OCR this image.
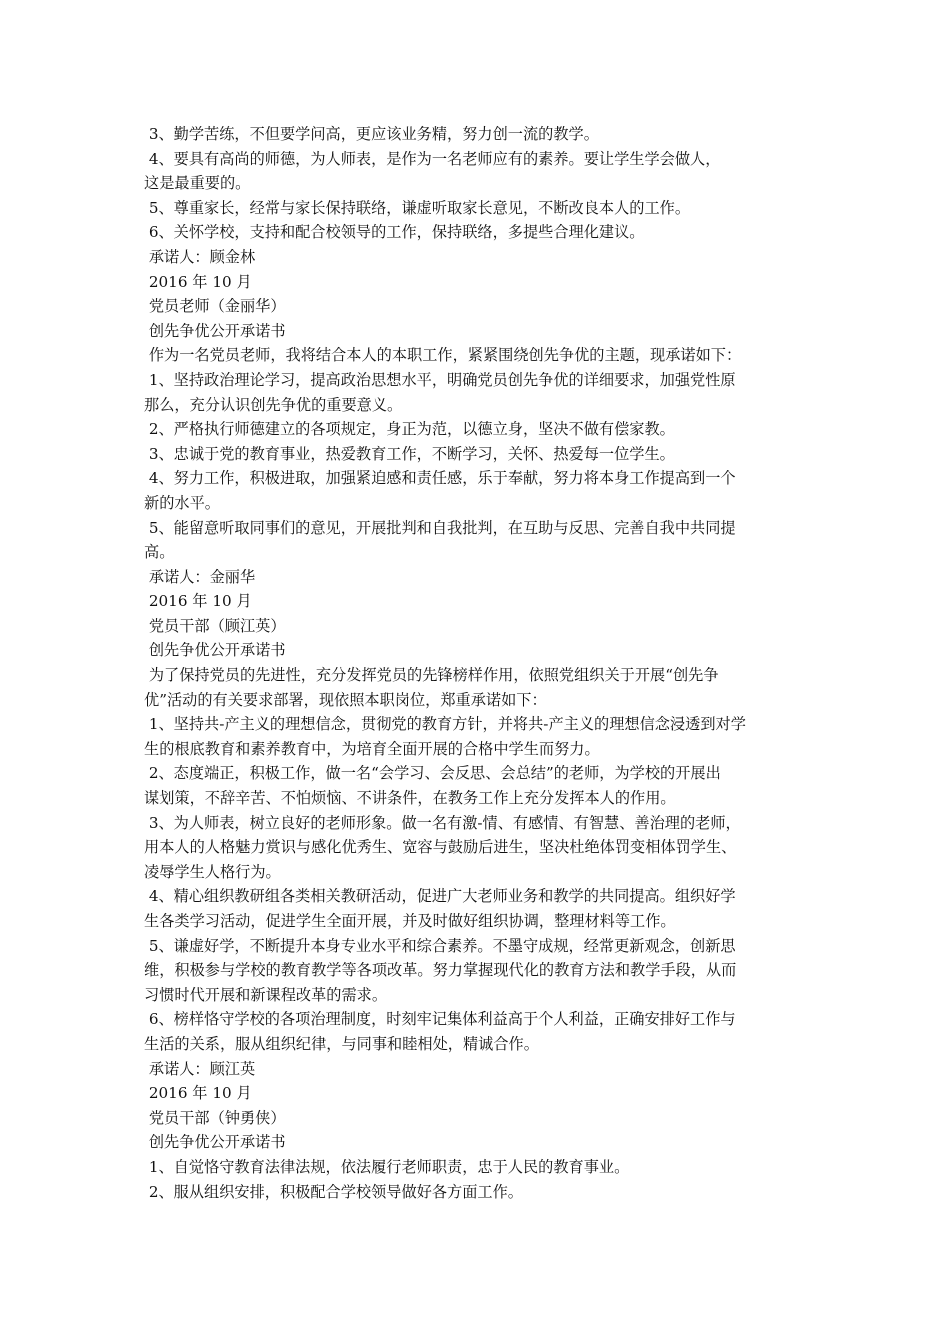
3、勤学苦练，不但要学问高，更应该业务精，努力创一流的教学。
4、要具有高尚的师德，为人师表，是作为一名老师应有的素养。要让学生学会做人，
这是最重要的。
5、尊重家长，经常与家长保持联络，谦虚听取家长意见，不断改良本人的工作。
6、关怀学校，支持和配合校领导的工作，保持联络，多提些合理化建议。
承诺人：顾金林
2016 年 10 月
党员老师（金丽华）
创先争优公开承诺书
作为一名党员老师，我将结合本人的本职工作，紧紧围绕创先争优的主题，现承诺如下：
1、坚持政治理论学习，提高政治思想水平，明确党员创先争优的详细要求，加强党性原
那么，充分认识创先争优的重要意义。
2、严格执行师德建立的各项规定，身正为范，以德立身，坚决不做有偿家教。
3、忠诚于党的教育事业，热爱教育工作，不断学习，关怀、热爱每一位学生。
4、努力工作，积极进取，加强紧迫感和责任感，乐于奉献，努力将本身工作提高到一个
新的水平。
5、能留意听取同事们的意见，开展批判和自我批判，在互助与反思、完善自我中共同提
高。
承诺人：金丽华
2016 年 10 月
党员干部（顾江英）
创先争优公开承诺书
为了保持党员的先进性，充分发挥党员的先锋榜样作用，依照党组织关于开展“创先争
优”活动的有关要求部署，现依照本职岗位，郑重承诺如下：
1、坚持共-产主义的理想信念，贯彻党的教育方针，并将共-产主义的理想信念浸透到对学
生的根底教育和素养教育中，为培育全面开展的合格中学生而努力。
2、态度端正，积极工作，做一名“会学习、会反思、会总结”的老师，为学校的开展出
谋划策，不辞辛苦、不怕烦恼、不讲条件，在教务工作上充分发挥本人的作用。
3、为人师表，树立良好的老师形象。做一名有激-情、有感情、有智慧、善治理的老师，
用本人的人格魅力赏识与感化优秀生、宽容与鼓励后进生，坚决杜绝体罚变相体罚学生、
凌辱学生人格行为。
4、精心组织教研组各类相关教研活动，促进广大老师业务和教学的共同提高。组织好学
生各类学习活动，促进学生全面开展，并及时做好组织协调，整理材料等工作。
5、谦虚好学，不断提升本身专业水平和综合素养。不墨守成规，经常更新观念，创新思
维，积极参与学校的教育教学等各项改革。努力掌握现代化的教育方法和教学手段，从而
习惯时代开展和新课程改革的需求。
6、榜样恪守学校的各项治理制度，时刻牢记集体利益高于个人利益，正确安排好工作与
生活的关系，服从组织纪律，与同事和睦相处，精诚合作。
承诺人：顾江英
2016 年 10 月
党员干部（钟勇侠）
创先争优公开承诺书
1、自觉恪守教育法律法规，依法履行老师职责，忠于人民的教育事业。
2、服从组织安排，积极配合学校领导做好各方面工作。
